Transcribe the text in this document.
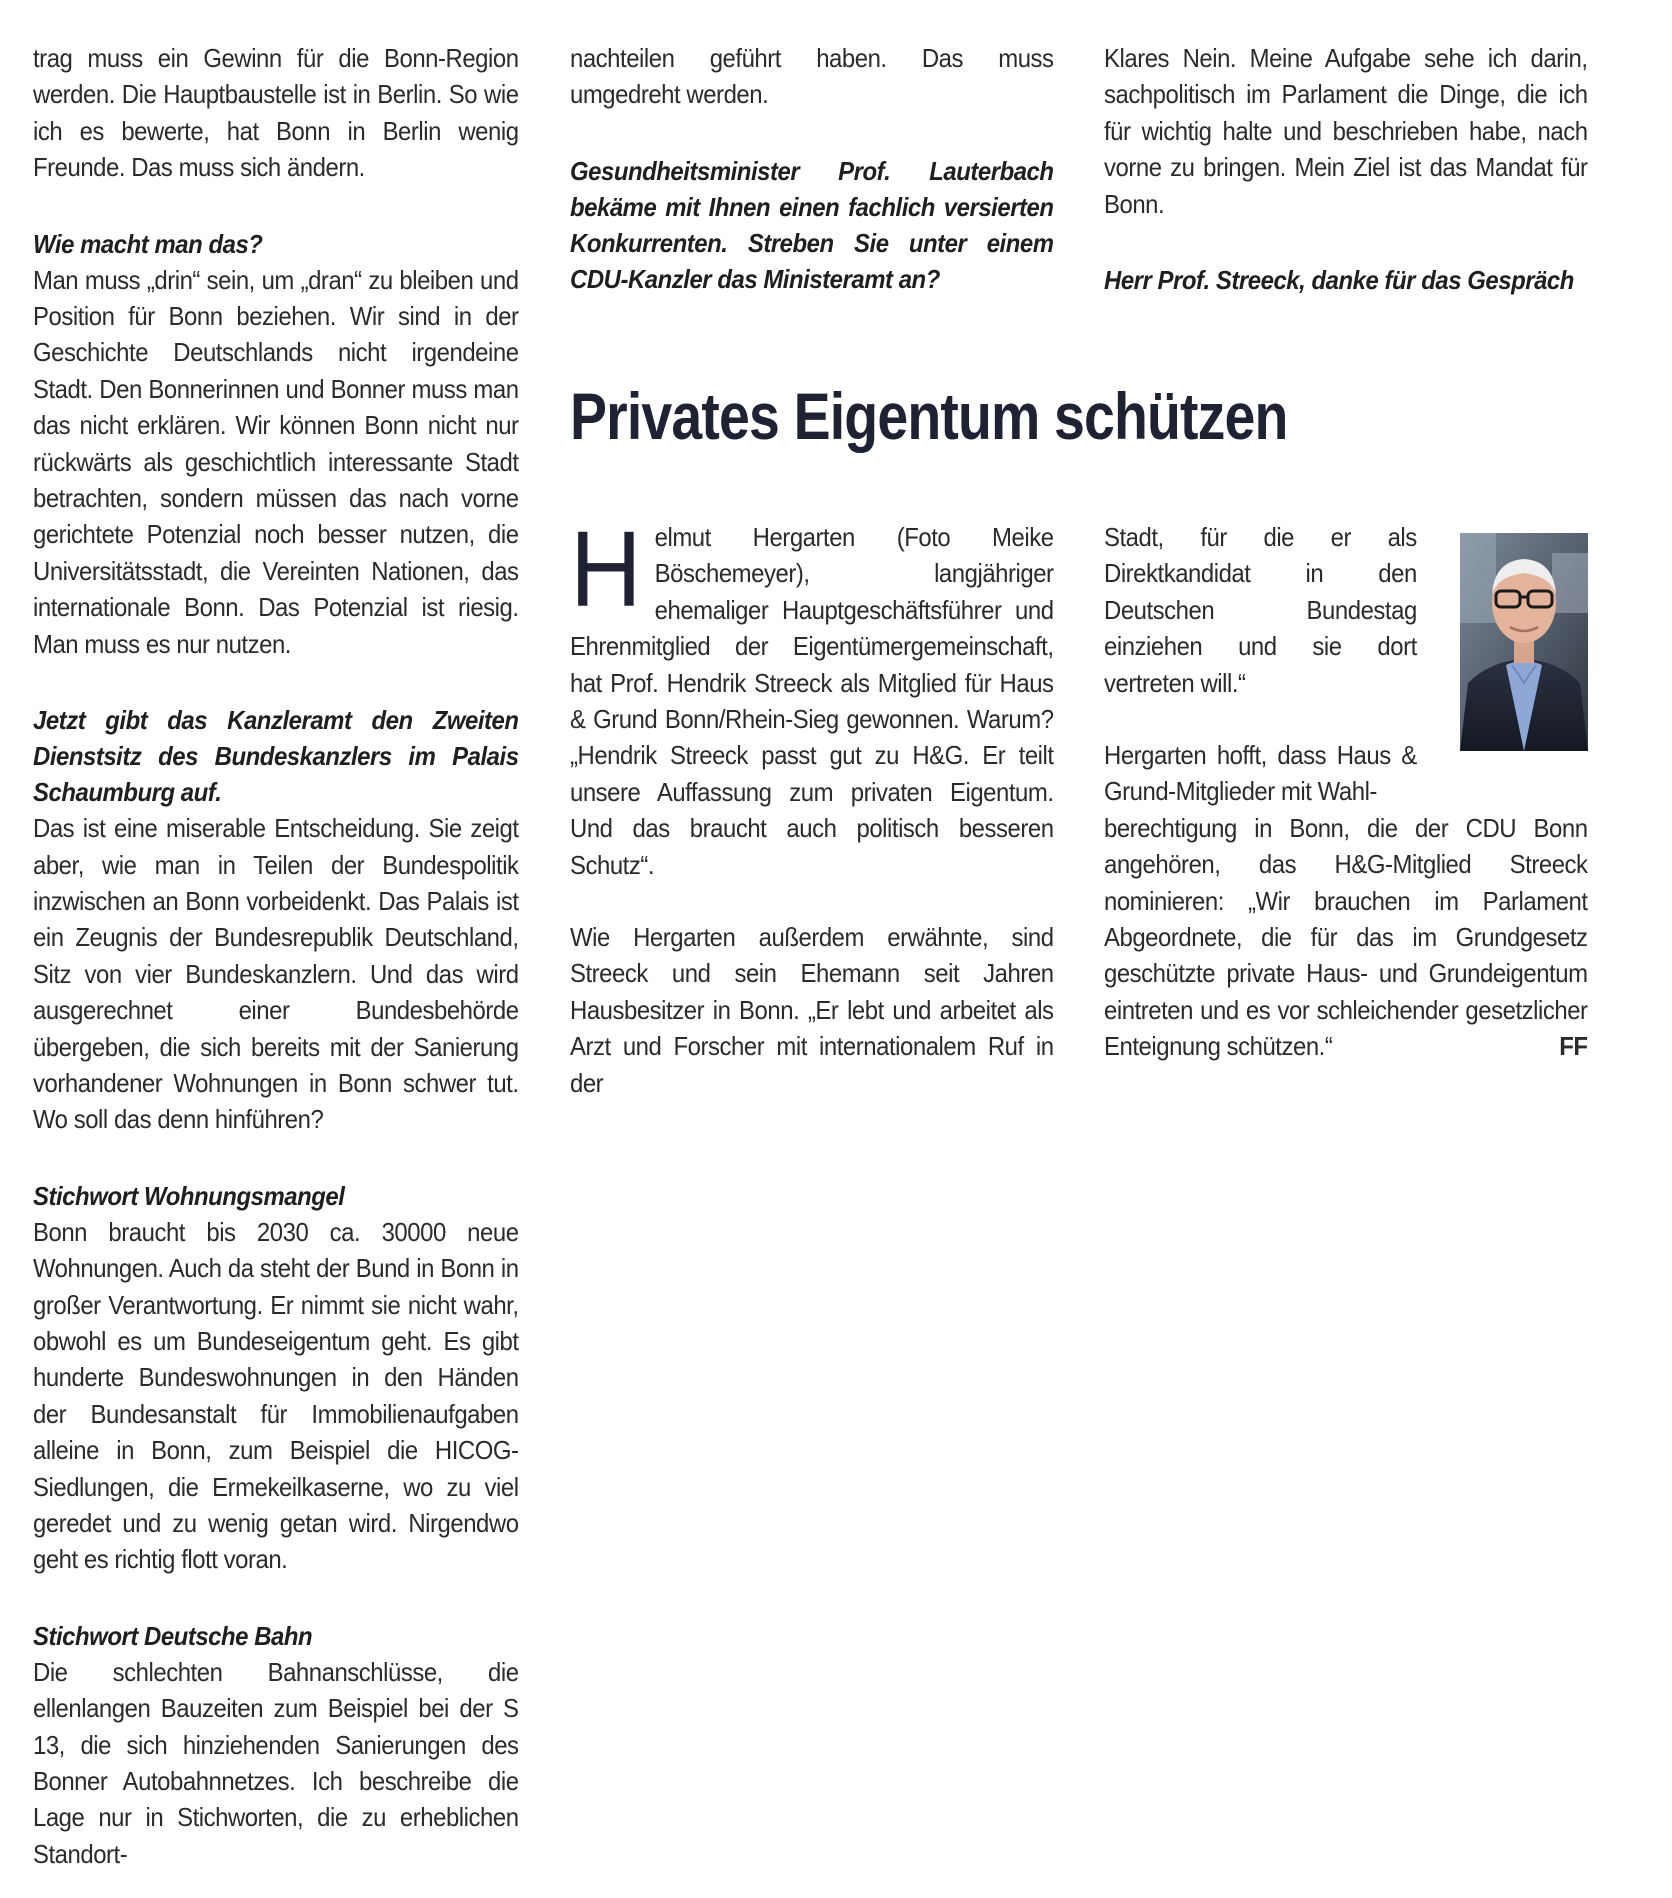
trag muss ein Gewinn für die Bonn-Region werden. Die Hauptbaustelle ist in Berlin. So wie ich es bewerte, hat Bonn in Berlin wenig Freunde. Das muss sich ändern.

Wie macht man das?

Man muss „drin“ sein, um „dran“ zu bleiben und Position für Bonn beziehen. Wir sind in der Geschichte Deutschlands nicht irgendeine Stadt. Den Bonnerinnen und Bonner muss man das nicht erklären. Wir können Bonn nicht nur rückwärts als geschichtlich interessante Stadt betrachten, sondern müssen das nach vorne gerichtete Potenzial noch besser nutzen, die Universitätsstadt, die Vereinten Nationen, das internationale Bonn. Das Potenzial ist riesig. Man muss es nur nutzen.

Jetzt gibt das Kanzleramt den Zweiten Dienstsitz des Bundeskanzlers im Palais Schaumburg auf.

Das ist eine miserable Entscheidung. Sie zeigt aber, wie man in Teilen der Bundespolitik inzwischen an Bonn vorbeidenkt. Das Palais ist ein Zeugnis der Bundesrepublik Deutschland, Sitz von vier Bundeskanzlern. Und das wird ausgerechnet einer Bundesbehörde übergeben, die sich bereits mit der Sanierung vorhandener Wohnungen in Bonn schwer tut. Wo soll das denn hinführen?

Stichwort Wohnungsmangel

Bonn braucht bis 2030 ca. 30000 neue Wohnungen. Auch da steht der Bund in Bonn in großer Verantwortung. Er nimmt sie nicht wahr, obwohl es um Bundeseigentum geht. Es gibt hunderte Bundeswohnungen in den Händen der Bundesanstalt für Immobilienaufgaben alleine in Bonn, zum Beispiel die HICOG-Siedlungen, die Ermekeilkaserne, wo zu viel geredet und zu wenig getan wird. Nirgendwo geht es richtig flott voran.

Stichwort Deutsche Bahn

Die schlechten Bahnanschlüsse, die ellenlangen Bauzeiten zum Beispiel bei der S 13, die sich hinziehenden Sanierungen des Bonner Autobahnnetzes. Ich beschreibe die Lage nur in Stichworten, die zu erheblichen Standort-

nachteilen geführt haben. Das muss umgedreht werden.

Gesundheitsminister Prof. Lauterbach bekäme mit Ihnen einen fachlich versierten Konkurrenten. Streben Sie unter einem CDU-Kanzler das Ministeramt an?

Klares Nein. Meine Aufgabe sehe ich darin, sachpolitisch im Parlament die Dinge, die ich für wichtig halte und beschrieben habe, nach vorne zu bringen. Mein Ziel ist das Mandat für Bonn.

Herr Prof. Streeck, danke für das Gespräch

Privates Eigentum schützen

Helmut Hergarten (Foto Meike Böschemeyer), langjähriger ehemaliger Hauptgeschäftsführer und Ehrenmitglied der Eigentümergemeinschaft, hat Prof. Hendrik Streeck als Mitglied für Haus & Grund Bonn/Rhein-Sieg gewonnen. Warum? „Hendrik Streeck passt gut zu H&G. Er teilt unsere Auffassung zum privaten Eigentum. Und das braucht auch politisch besseren Schutz“.

Wie Hergarten außerdem erwähnte, sind Streeck und sein Ehemann seit Jahren Hausbesitzer in Bonn. „Er lebt und arbeitet als Arzt und Forscher mit internationalem Ruf in der

Stadt, für die er als Direktkandidat in den Deutschen Bundestag einziehen und sie dort vertreten will.“

Hergarten hofft, dass Haus & Grund-Mitglieder mit Wahl-

berechtigung in Bonn, die der CDU Bonn angehören, das H&G-Mitglied Streeck nominieren: „Wir brauchen im Parlament Abgeordnete, die für das im Grundgesetz geschützte private Haus- und Grundeigentum eintreten und es vor schleichender gesetzlicher Enteignung schützen.“	FF
